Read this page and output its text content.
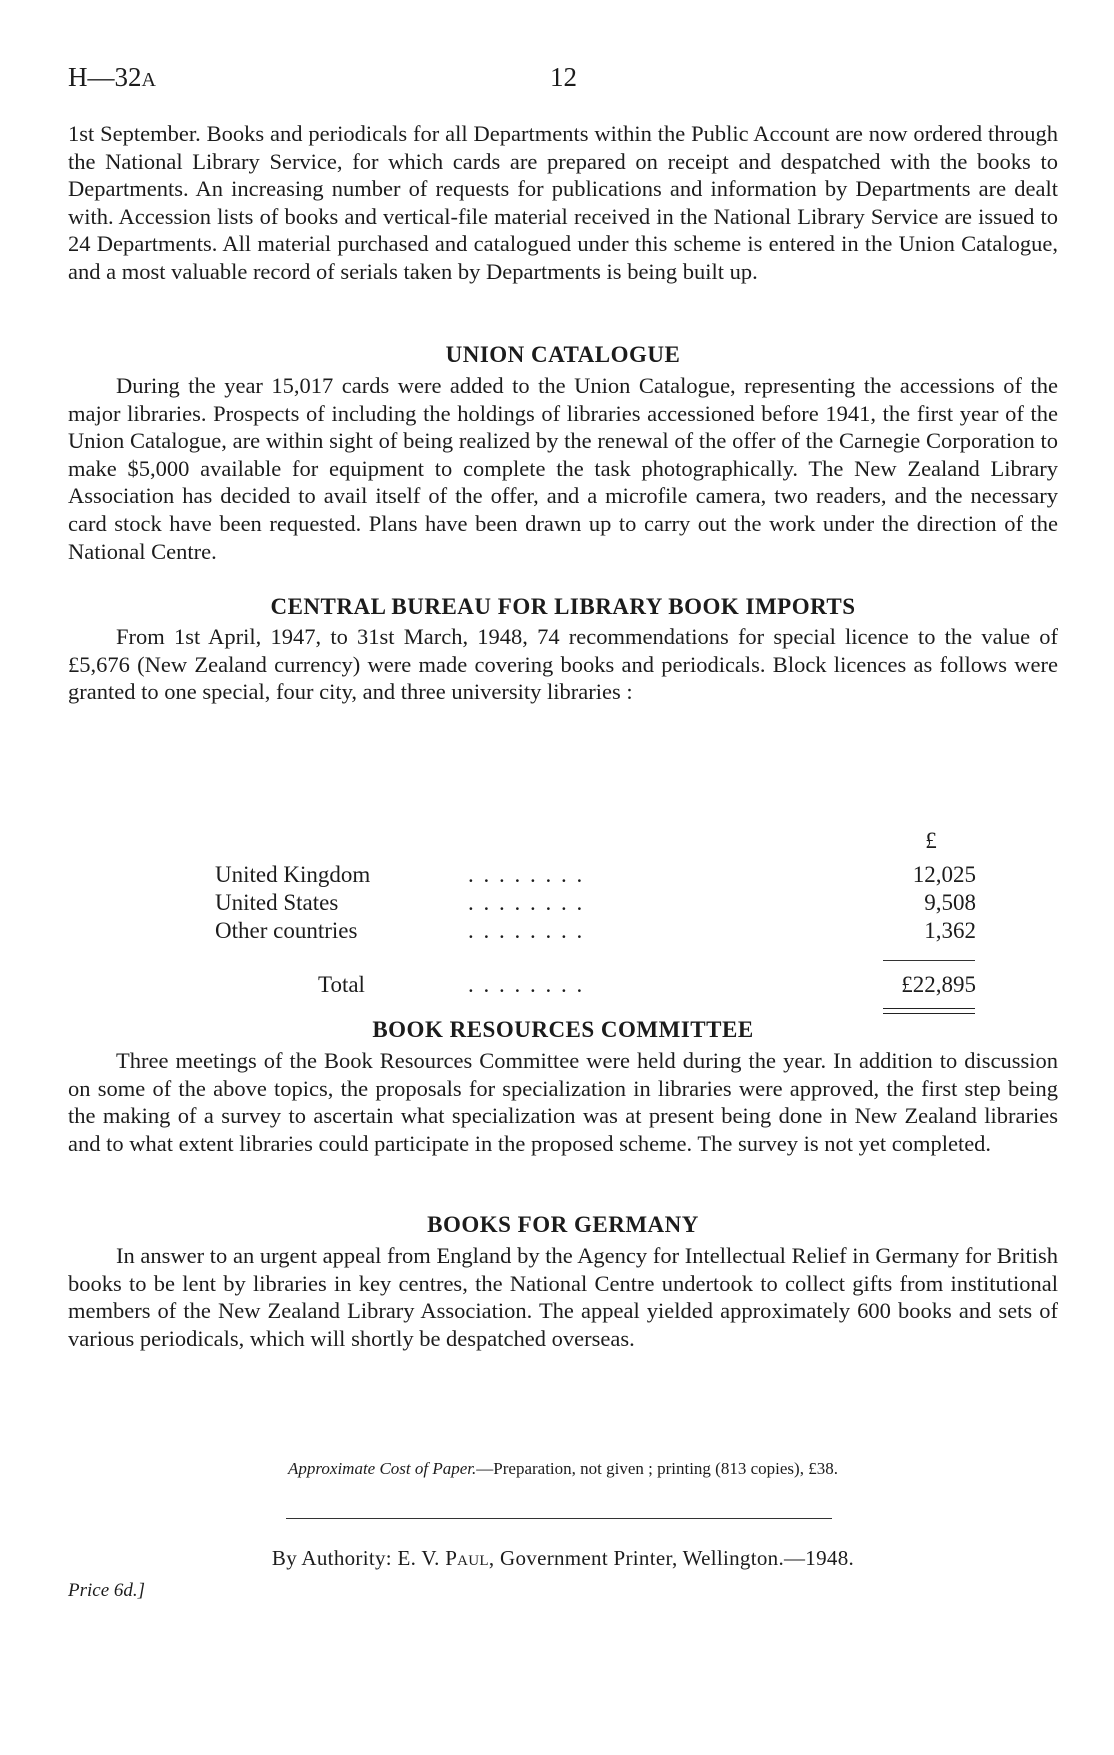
H—32A	12

1st September. Books and periodicals for all Departments within the Public Account are now ordered through the National Library Service, for which cards are prepared on receipt and despatched with the books to Departments. An increasing number of requests for publications and information by Departments are dealt with. Accession lists of books and vertical-file material received in the National Library Service are issued to 24 Departments. All material purchased and catalogued under this scheme is entered in the Union Catalogue, and a most valuable record of serials taken by Departments is being built up.

UNION CATALOGUE

During the year 15,017 cards were added to the Union Catalogue, representing the accessions of the major libraries. Prospects of including the holdings of libraries accessioned before 1941, the first year of the Union Catalogue, are within sight of being realized by the renewal of the offer of the Carnegie Corporation to make $5,000 available for equipment to complete the task photographically. The New Zealand Library Association has decided to avail itself of the offer, and a microfile camera, two readers, and the necessary card stock have been requested. Plans have been drawn up to carry out the work under the direction of the National Centre.

CENTRAL BUREAU FOR LIBRARY BOOK IMPORTS

From 1st April, 1947, to 31st March, 1948, 74 recommendations for special licence to the value of £5,676 (New Zealand currency) were made covering books and periodicals. Block licences as follows were granted to one special, four city, and three university libraries :

£
United Kingdom	. . . . . . . .	12,025
United States	. . . . . . . .	9,508
Other countries	. . . . . . . .	1,362
Total	. . . . . . . .	£22,895
BOOK RESOURCES COMMITTEE

Three meetings of the Book Resources Committee were held during the year. In addition to discussion on some of the above topics, the proposals for specialization in libraries were approved, the first step being the making of a survey to ascertain what specialization was at present being done in New Zealand libraries and to what extent libraries could participate in the proposed scheme. The survey is not yet completed.

BOOKS FOR GERMANY

In answer to an urgent appeal from England by the Agency for Intellectual Relief in Germany for British books to be lent by libraries in key centres, the National Centre undertook to collect gifts from institutional members of the New Zealand Library Association. The appeal yielded approximately 600 books and sets of various periodicals, which will shortly be despatched overseas.

Approximate Cost of Paper.—Preparation, not given ; printing (813 copies), £38.
By Authority: E. V. Paul, Government Printer, Wellington.—1948.
Price 6d.]
